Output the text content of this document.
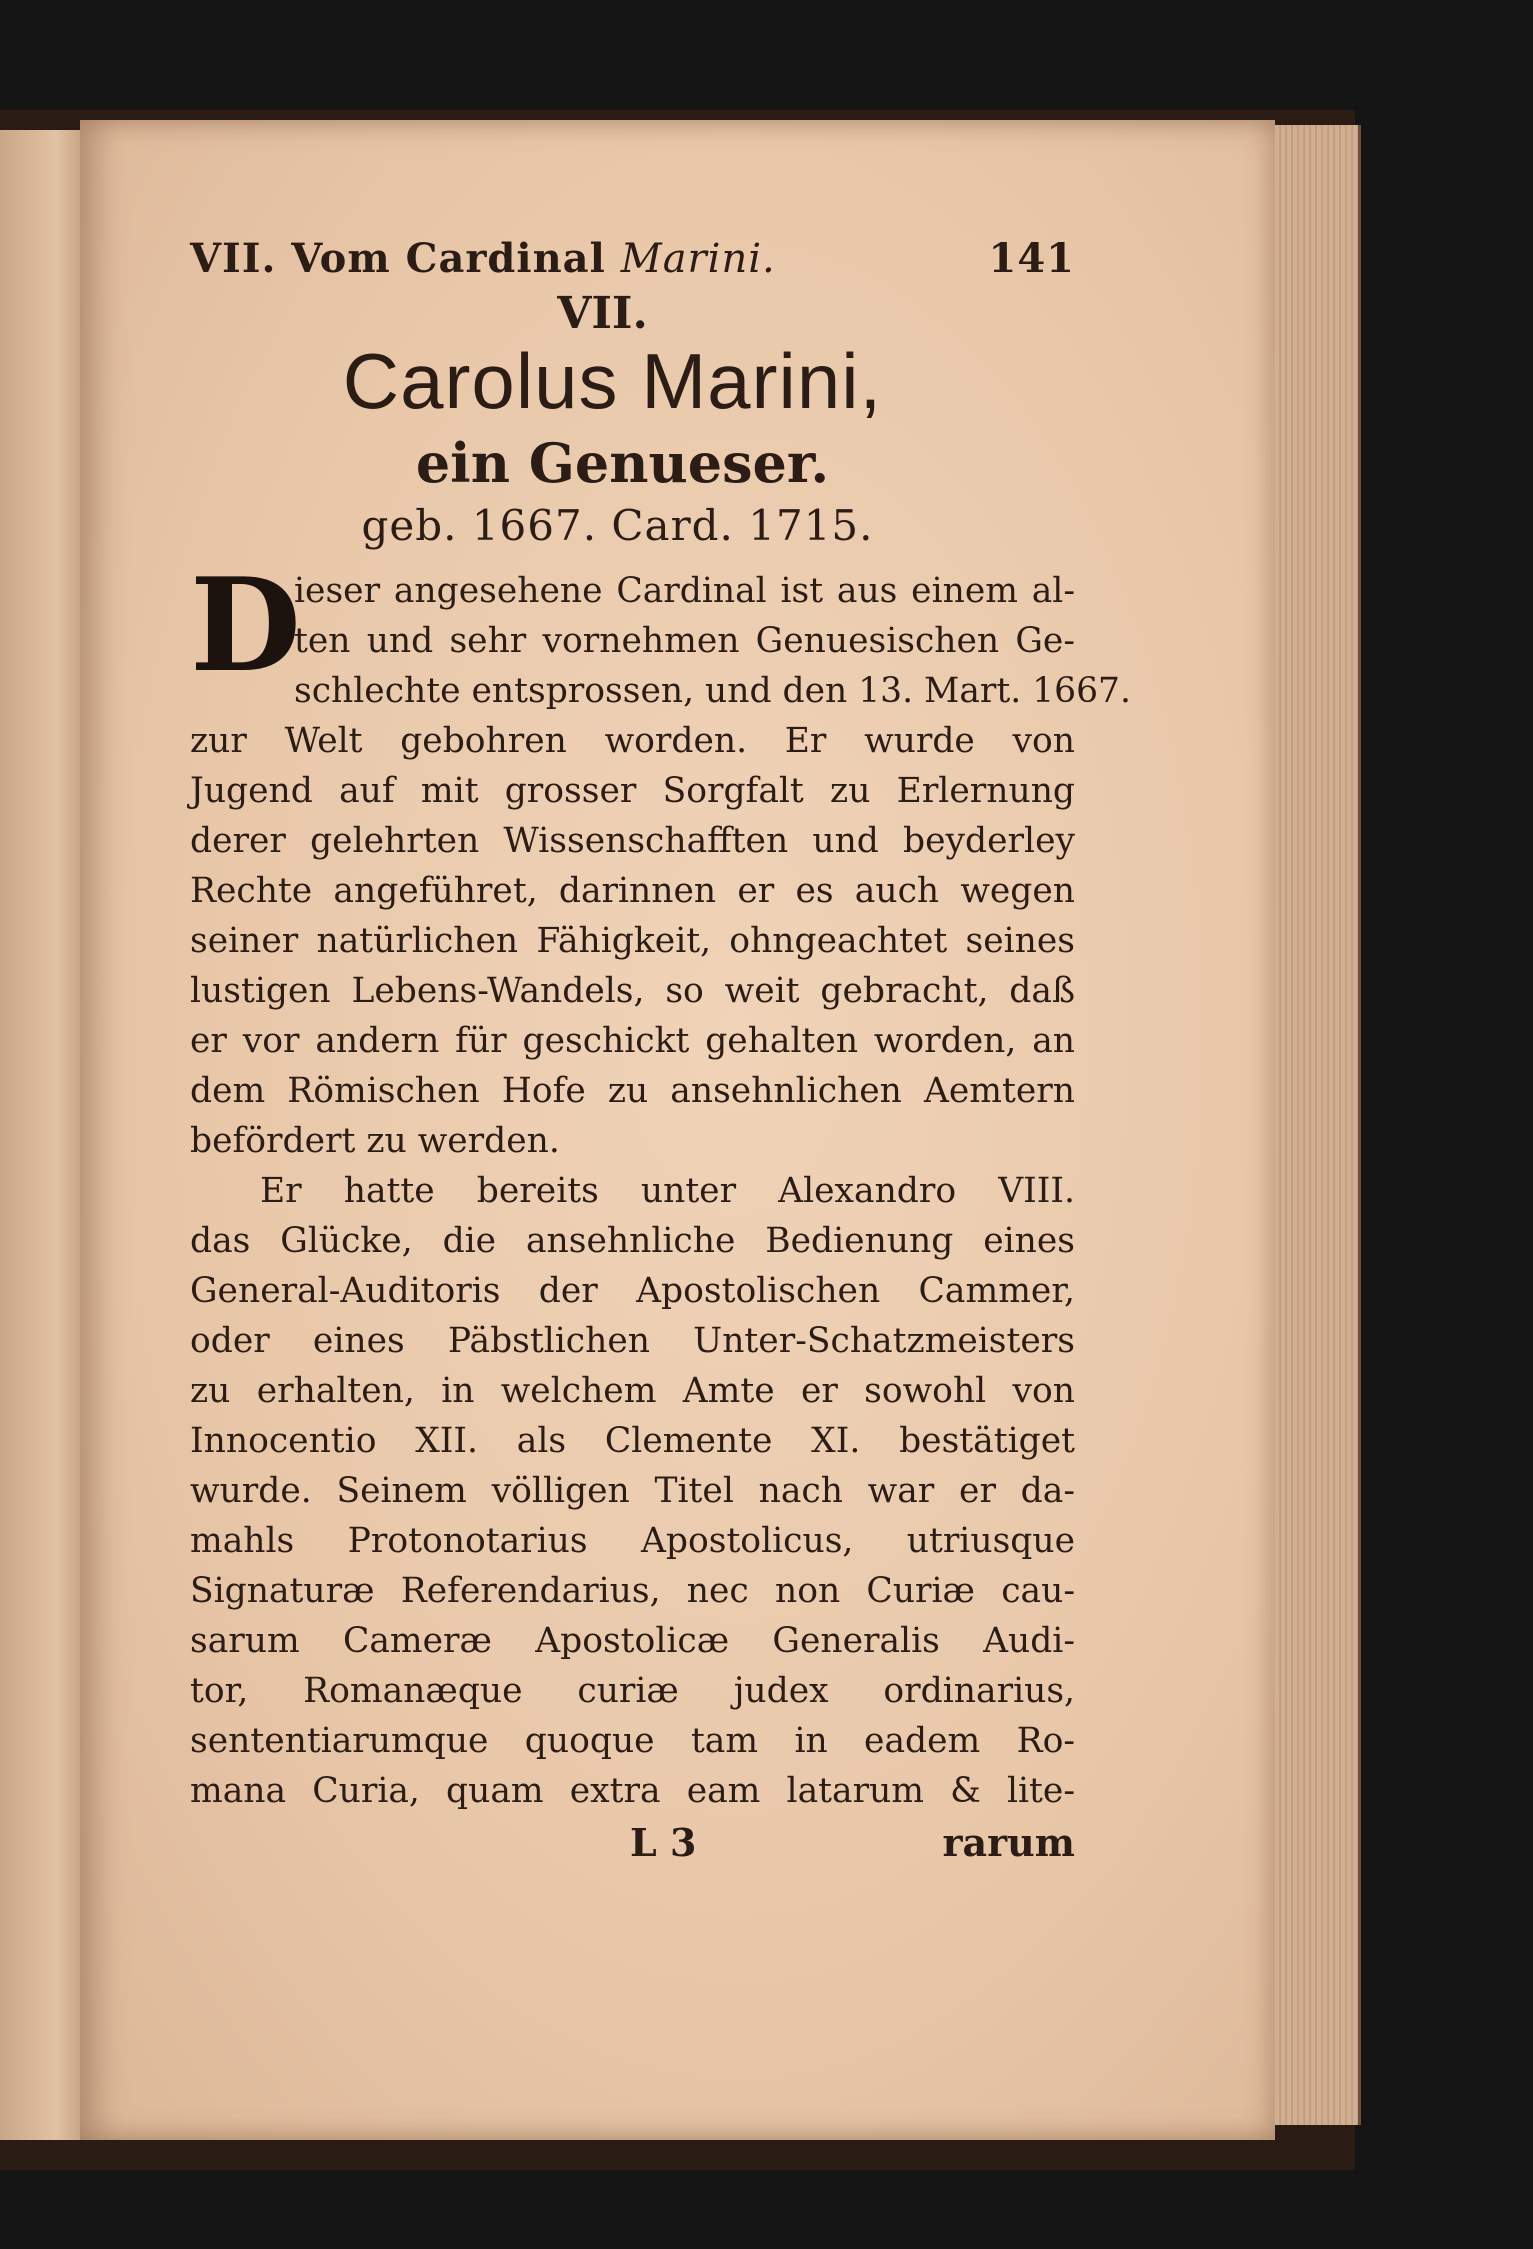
VII. Vom Cardinal Marini.	141
VII.
Carolus Marini,
ein Genueser.
geb. 1667. Card. 1715.
D
ieser angesehene Cardinal ist aus einem al-
ten und sehr vornehmen Genuesischen Ge-
schlechte entsprossen, und den 13. Mart. 1667.
zur Welt gebohren worden. Er wurde von
Jugend auf mit grosser Sorgfalt zu Erlernung
derer gelehrten Wissenschafften und beyderley
Rechte angeführet, darinnen er es auch wegen
seiner natürlichen Fähigkeit, ohngeachtet seines
lustigen Lebens-Wandels, so weit gebracht, daß
er vor andern für geschickt gehalten worden, an
dem Römischen Hofe zu ansehnlichen Aemtern
befördert zu werden.
Er hatte bereits unter Alexandro VIII.
das Glücke, die ansehnliche Bedienung eines
General-Auditoris der Apostolischen Cammer,
oder eines Päbstlichen Unter-Schatzmeisters
zu erhalten, in welchem Amte er sowohl von
Innocentio XII. als Clemente XI. bestätiget
wurde. Seinem völligen Titel nach war er da-
mahls Protonotarius Apostolicus, utriusque
Signaturæ Referendarius, nec non Curiæ cau-
sarum Cameræ Apostolicæ Generalis Audi-
tor, Romanæque curiæ judex ordinarius,
sententiarumque quoque tam in eadem Ro-
mana Curia, quam extra eam latarum & lite-
L 3	rarum
